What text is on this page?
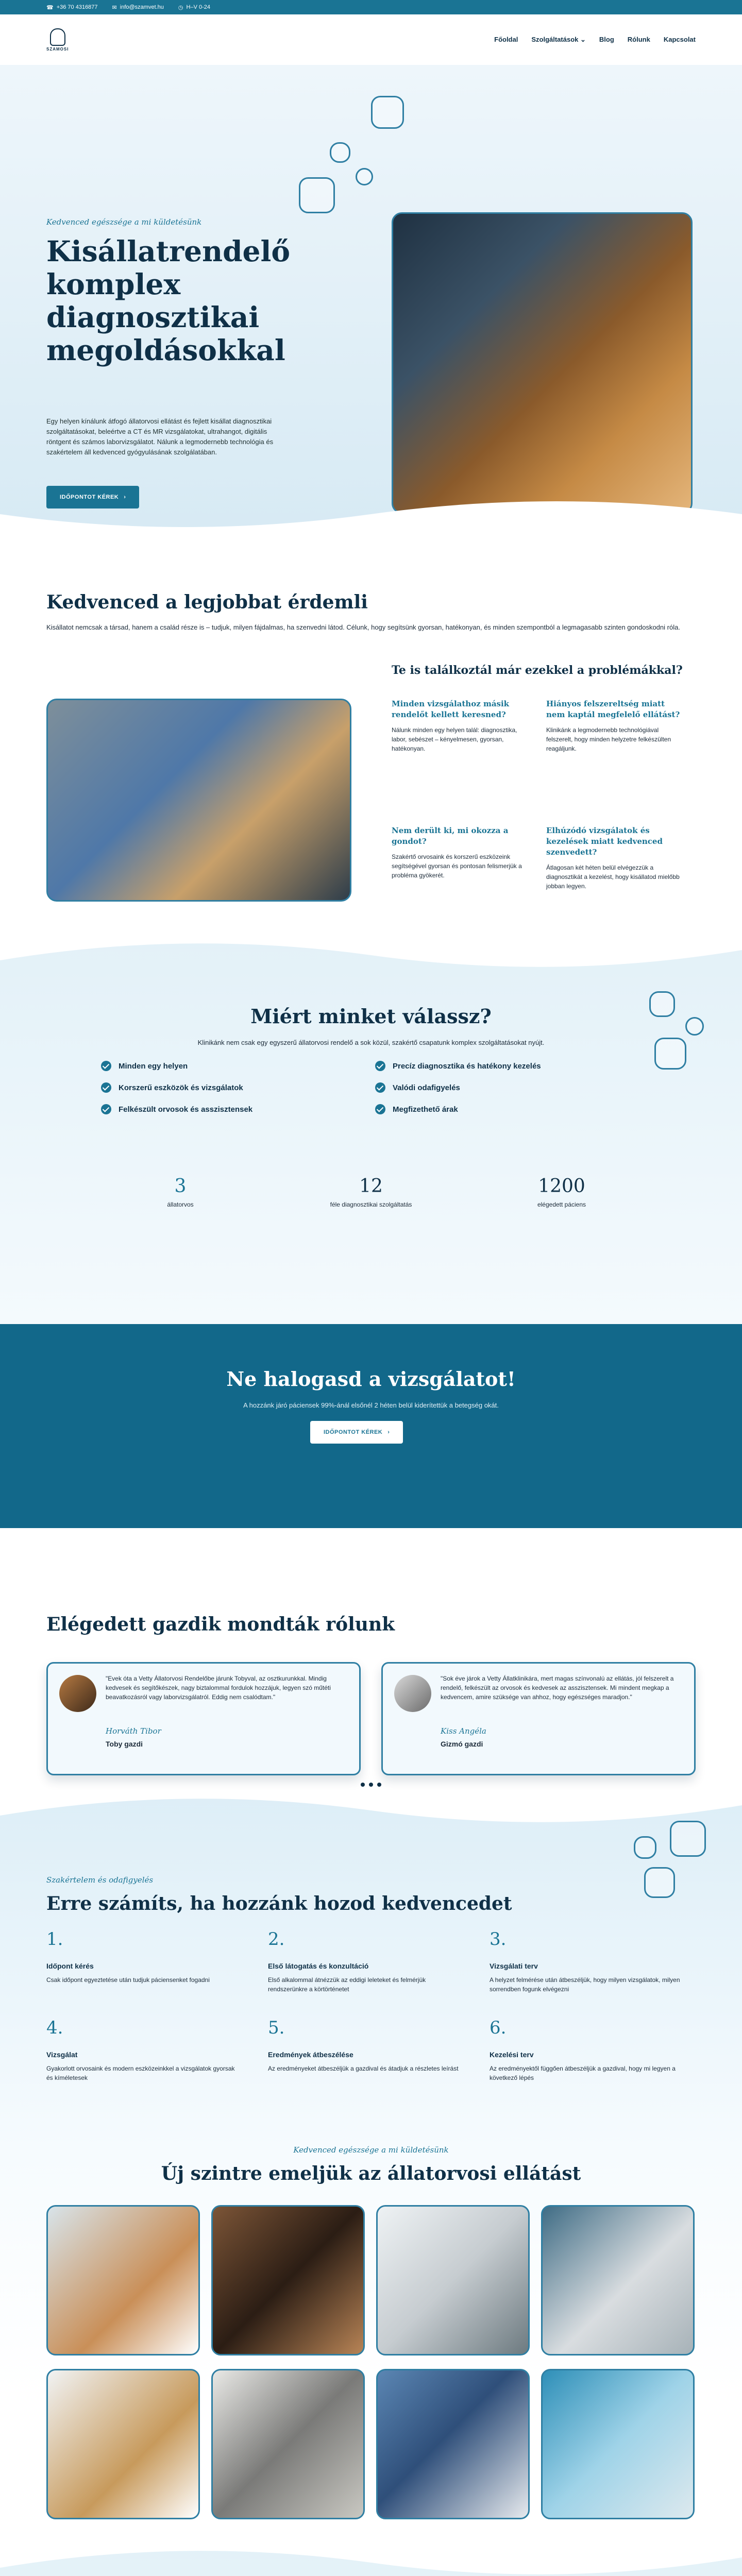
☎ +36 70 4316877	✉ info@szamvet.hu	◷ H–V 0-24
SZAMOSI
Főoldal Szolgáltatások ⌄ Blog Rólunk Kapcsolat
Kedvenced egészsége a mi küldetésünk
Kisállatrendelő komplex diagnosztikai megoldásokkal

Egy helyen kínálunk átfogó állatorvosi ellátást és fejlett kisállat diagnosztikai szolgáltatásokat, beleértve a CT és MR vizsgálatokat, ultrahangot, digitális röntgent és számos laborvizsgálatot. Nálunk a legmodernebb technológia és szakértelem áll kedvenced gyógyulásának szolgálatában.

IDŐPONTOT KÉREK ›
Kedvenced a legjobbat érdemli

Kisállatot nemcsak a társad, hanem a család része is – tudjuk, milyen fájdalmas, ha szenvedni látod. Célunk, hogy segítsünk gyorsan, hatékonyan, és minden szempontból a legmagasabb szinten gondoskodni róla.

Te is találkoztál már ezekkel a problémákkal?
Minden vizsgálathoz másik rendelőt kellett keresned?
Nálunk minden egy helyen talál: diagnosztika, labor, sebészet – kényelmesen, gyorsan, hatékonyan.
Hiányos felszereltség miatt nem kaptál megfelelő ellátást?
Klinikánk a legmodernebb technológiával felszerelt, hogy minden helyzetre felkészülten reagáljunk.
Nem derült ki, mi okozza a gondot?
Szakértő orvosaink és korszerű eszközeink segítségével gyorsan és pontosan felismerjük a probléma gyökerét.
Elhúzódó vizsgálatok és kezelések miatt kedvenced szenvedett?
Átlagosan két héten belül elvégezzük a diagnosztikát a kezelést, hogy kisállatod mielőbb jobban legyen.
Miért minket válassz?

Klinikánk nem csak egy egyszerű állatorvosi rendelő a sok közül, szakértő csapatunk komplex szolgáltatásokat nyújt.

Minden egy helyen
Korszerű eszközök és vizsgálatok
Felkészült orvosok és asszisztensek
Precíz diagnosztika és hatékony kezelés
Valódi odafigyelés
Megfizethető árak
3
állatorvos
12
féle diagnosztikai szolgáltatás
1200
elégedett páciens
Ne halogasd a vizsgálatot!

A hozzánk járó páciensek 99%-ánál elsőnél 2 héten belül kiderítettük a betegség okát.

IDŐPONTOT KÉREK ›
Elégedett gazdik mondták rólunk

"Evek óta a Vetty Állatorvosi Rendelőbe járunk Tobyval, az osztkurunkkal. Mindig kedvesek és segítőkészek, nagy biztalommal fordulok hozzájuk, legyen szó műtéti beavatkozásról vagy laborvizsgálatról. Eddig nem csalódtam."

Horváth Tibor
Toby gazdi

"Sok éve járok a Vetty Állatklinikára, mert magas színvonalú az ellátás, jól felszerelt a rendelő, felkészült az orvosok és kedvesek az asszisztensek. Mi mindent megkap a kedvencem, amire szüksége van ahhoz, hogy egészséges maradjon."

Kiss Angéla
Gizmó gazdi
Szakértelem és odafigyelés
Erre számíts, ha hozzánk hozod kedvencedet
1.
Időpont kérés
Csak időpont egyeztetése után tudjuk páciensenket fogadni
2.
Első látogatás és konzultáció
Első alkalommal átnézzük az eddigi leleteket és felmérjük rendszerünkre a körtörténetet
3.
Vizsgálati terv
A helyzet felmérése után átbeszéljük, hogy milyen vizsgálatok, milyen sorrendben fogunk elvégezni
4.
Vizsgálat
Gyakorlott orvosaink és modern eszközeinkkel a vizsgálatok gyorsak és kíméletesek
5.
Eredmények átbeszélése
Az eredményeket átbeszéljük a gazdival és átadjuk a részletes leírást
6.
Kezelési terv
Az eredményektől függően átbeszéljük a gazdival, hogy mi legyen a következő lépés
Kedvenced egészsége a mi küldetésünk
Új szintre emeljük az állatorvosi ellátást
